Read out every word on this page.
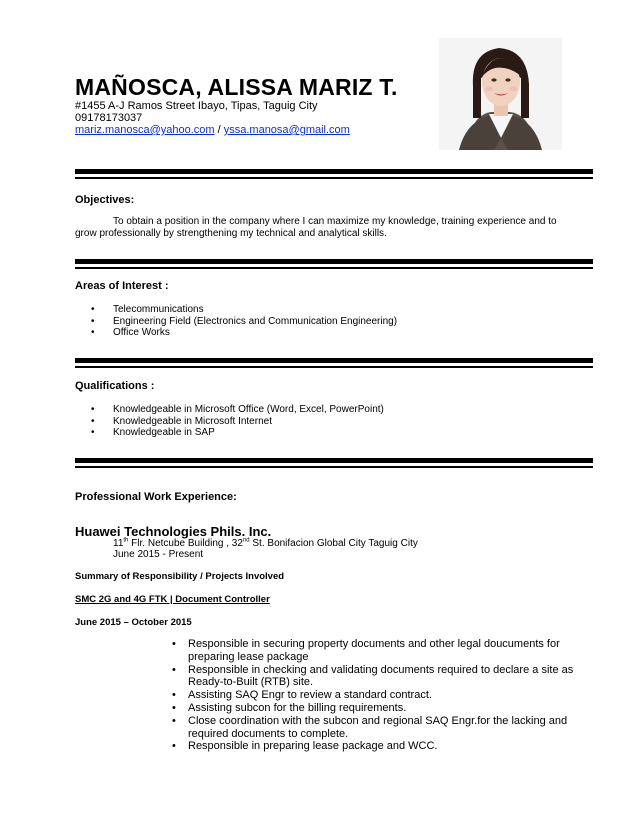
MAÑOSCA, ALISSA MARIZ T.
#1455 A-J Ramos Street Ibayo, Tipas, Taguig City
09178173037
mariz.manosca@yahoo.com / yssa.manosa@gmail.com
Objectives:
To obtain a position in the company where I can maximize my knowledge, training experience and to grow professionally by strengthening my technical and analytical skills.
Areas of Interest :
• Telecommunications
• Engineering Field (Electronics and Communication Engineering)
• Office Works
Qualifications :
• Knowledgeable in Microsoft Office (Word, Excel, PowerPoint)
• Knowledgeable in Microsoft Internet
• Knowledgeable in SAP
Professional Work Experience:
Huawei Technologies Phils. Inc.
11th Flr. Netcube Building , 32nd St. Bonifacion Global City Taguig City
June 2015 - Present
Summary of Responsibility / Projects Involved
SMC 2G and 4G FTK | Document Controller
June 2015 – October 2015
• Responsible in securing property documents and other legal doucuments for preparing lease package
• Responsible in checking and validating documents required to declare a site as Ready-to-Built (RTB) site.
• Assisting SAQ Engr to review a standard contract.
• Assisting subcon for the billing requirements.
• Close coordination with the subcon and regional SAQ Engr.for the lacking and required documents to complete.
• Responsible in preparing lease package and WCC.
